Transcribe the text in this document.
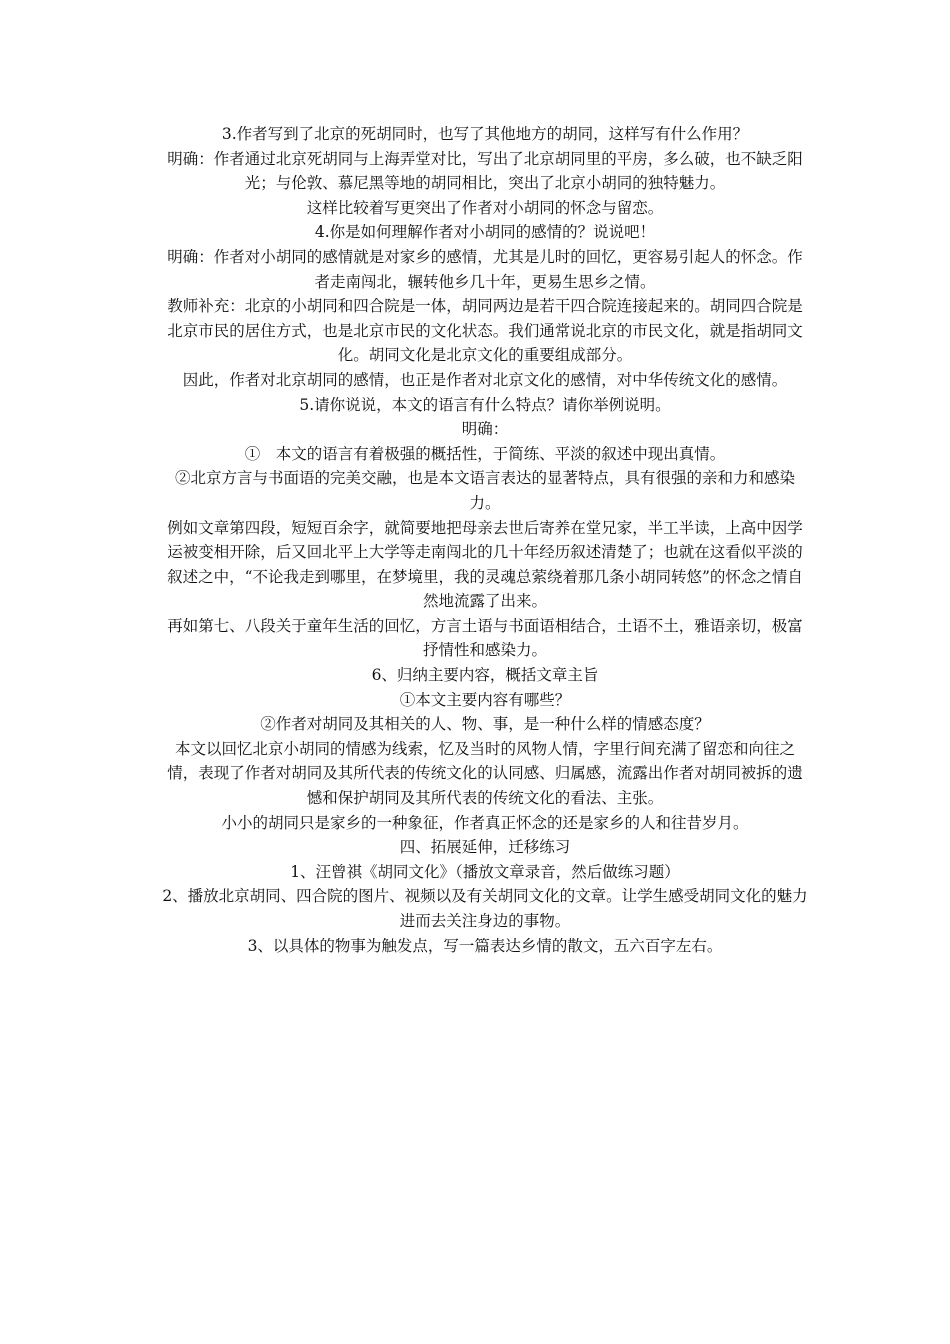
3.作者写到了北京的死胡同时，也写了其他地方的胡同，这样写有什么作用？

明确：作者通过北京死胡同与上海弄堂对比，写出了北京胡同里的平房，多么破，也不缺乏阳光；与伦敦、慕尼黑等地的胡同相比，突出了北京小胡同的独特魅力。

这样比较着写更突出了作者对小胡同的怀念与留恋。

4.你是如何理解作者对小胡同的感情的？说说吧！

明确：作者对小胡同的感情就是对家乡的感情，尤其是儿时的回忆，更容易引起人的怀念。作者走南闯北，辗转他乡几十年，更易生思乡之情。

教师补充：北京的小胡同和四合院是一体，胡同两边是若干四合院连接起来的。胡同四合院是北京市民的居住方式，也是北京市民的文化状态。我们通常说北京的市民文化，就是指胡同文化。胡同文化是北京文化的重要组成部分。

因此，作者对北京胡同的感情，也正是作者对北京文化的感情，对中华传统文化的感情。

5.请你说说，本文的语言有什么特点？请你举例说明。

明确：

①　本文的语言有着极强的概括性，于简练、平淡的叙述中现出真情。

②北京方言与书面语的完美交融，也是本文语言表达的显著特点，具有很强的亲和力和感染力。

例如文章第四段，短短百余字，就简要地把母亲去世后寄养在堂兄家，半工半读，上高中因学运被变相开除，后又回北平上大学等走南闯北的几十年经历叙述清楚了；也就在这看似平淡的叙述之中，“不论我走到哪里，在梦境里，我的灵魂总萦绕着那几条小胡同转悠”的怀念之情自然地流露了出来。

再如第七、八段关于童年生活的回忆，方言土语与书面语相结合，土语不土，雅语亲切，极富抒情性和感染力。

6、归纳主要内容，概括文章主旨

①本文主要内容有哪些？

②作者对胡同及其相关的人、物、事，是一种什么样的情感态度？

本文以回忆北京小胡同的情感为线索，忆及当时的风物人情，字里行间充满了留恋和向往之情，表现了作者对胡同及其所代表的传统文化的认同感、归属感，流露出作者对胡同被拆的遗憾和保护胡同及其所代表的传统文化的看法、主张。

小小的胡同只是家乡的一种象征，作者真正怀念的还是家乡的人和往昔岁月。

四、拓展延伸，迁移练习

1、汪曾祺《胡同文化》（播放文章录音，然后做练习题）

2、播放北京胡同、四合院的图片、视频以及有关胡同文化的文章。让学生感受胡同文化的魅力进而去关注身边的事物。

3、以具体的物事为触发点，写一篇表达乡情的散文，五六百字左右。
